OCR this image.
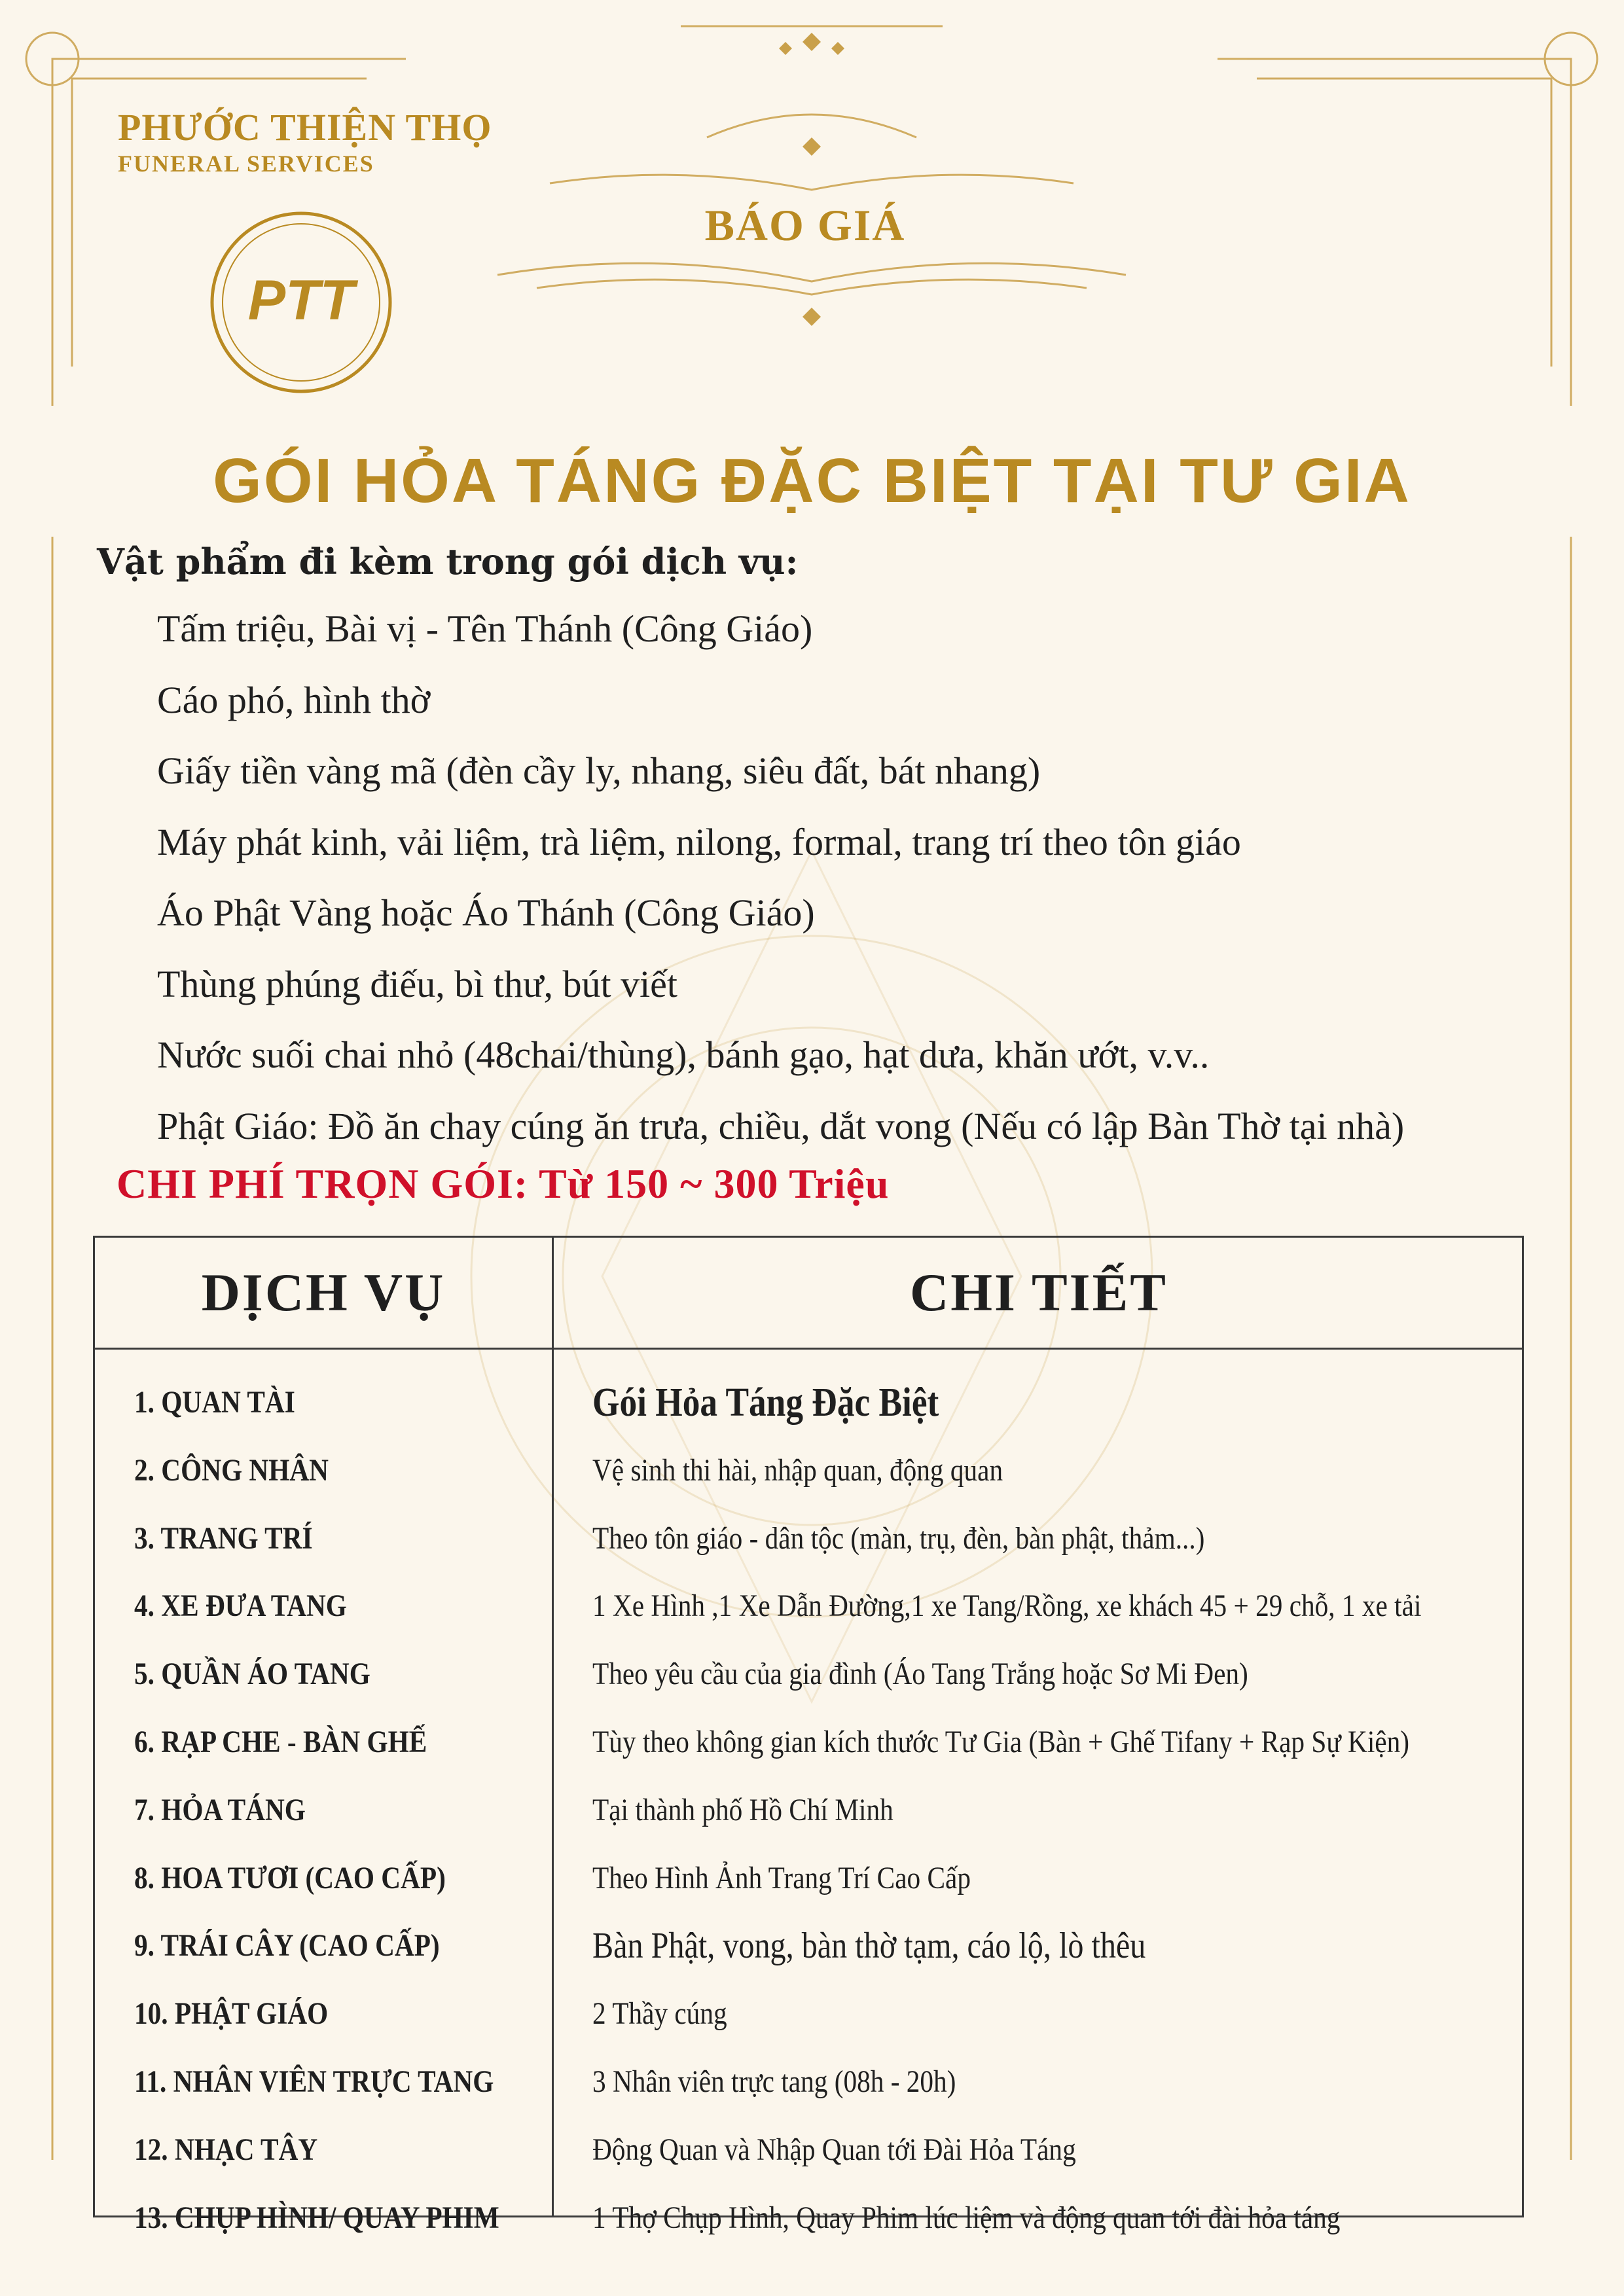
PHƯỚC THIỆN THỌ
FUNERAL SERVICES
PTT
BÁO GIÁ
GÓI HỎA TÁNG ĐẶC BIỆT TẠI TƯ GIA
Vật phẩm đi kèm trong gói dịch vụ:
Tấm triệu, Bài vị - Tên Thánh (Công Giáo)
Cáo phó, hình thờ
Giấy tiền vàng mã (đèn cầy ly, nhang, siêu đất, bát nhang)
Máy phát kinh, vải liệm, trà liệm, nilong, formal, trang trí theo tôn giáo
Áo Phật Vàng hoặc Áo Thánh (Công Giáo)
Thùng phúng điếu, bì thư, bút viết
Nước suối chai nhỏ (48chai/thùng), bánh gạo, hạt dưa, khăn ướt, v.v..
Phật Giáo: Đồ ăn chay cúng ăn trưa, chiều, dắt vong (Nếu có lập Bàn Thờ tại nhà)
CHI PHÍ TRỌN GÓI: Từ 150 ~ 300 Triệu
DỊCH VỤ	CHI TIẾT
1. QUAN TÀI	Gói Hỏa Táng Đặc Biệt
2. CÔNG NHÂN	Vệ sinh thi hài, nhập quan, động quan
3. TRANG TRÍ	Theo tôn giáo - dân tộc (màn, trụ, đèn, bàn phật, thảm...)
4. XE ĐƯA TANG	1 Xe Hình ,1 Xe Dẫn Đường,1 xe Tang/Rồng, xe khách 45 + 29 chỗ, 1 xe tải
5. QUẦN ÁO TANG	Theo yêu cầu của gia đình (Áo Tang Trắng hoặc Sơ Mi Đen)
6. RẠP CHE - BÀN GHẾ	Tùy theo không gian kích thước Tư Gia (Bàn + Ghế Tifany + Rạp Sự Kiện)
7. HỎA TÁNG	Tại thành phố Hồ Chí Minh
8. HOA TƯƠI (CAO CẤP)	Theo Hình Ảnh Trang Trí Cao Cấp
9. TRÁI CÂY (CAO CẤP)	Bàn Phật, vong, bàn thờ tạm, cáo lộ, lò thêu
10. PHẬT GIÁO	2 Thầy cúng
11. NHÂN VIÊN TRỰC TANG	3 Nhân viên trực tang (08h - 20h)
12. NHẠC TÂY	Động Quan và Nhập Quan tới Đài Hỏa Táng
13. CHỤP HÌNH/ QUAY PHIM	1 Thợ Chụp Hình, Quay Phim lúc liệm và động quan tới đài hỏa táng
